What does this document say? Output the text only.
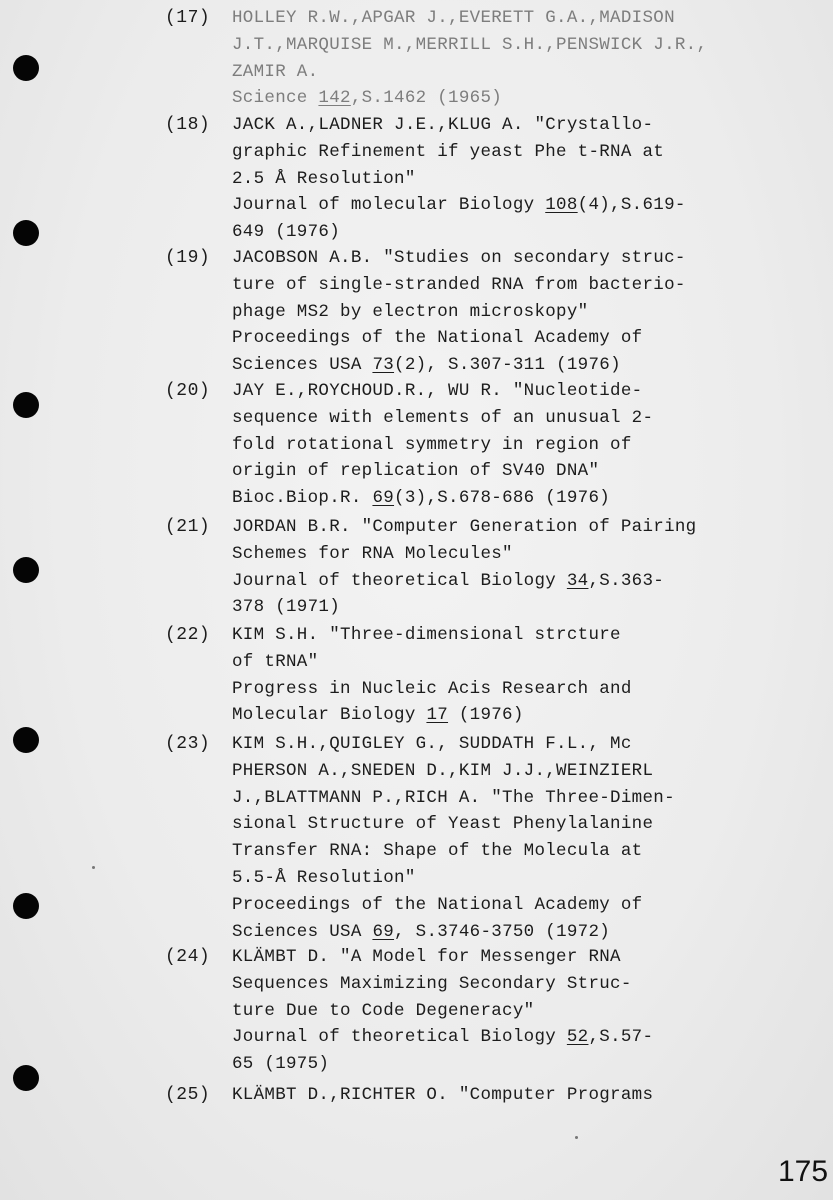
(17)	HOLLEY R.W.,APGAR J.,EVERETT G.A.,MADISON
J.T.,MARQUISE M.,MERRILL S.H.,PENSWICK J.R.,
ZAMIR A.
Science 142,S.1462 (1965)
(18)	JACK A.,LADNER J.E.,KLUG A. "Crystallo-
graphic Refinement if yeast Phe t-RNA at
2.5 Å Resolution"
Journal of molecular Biology 108(4),S.619-
649 (1976)
(19)	JACOBSON A.B. "Studies on secondary struc-
ture of single-stranded RNA from bacterio-
phage MS2 by electron microskopy"
Proceedings of the National Academy of
Sciences USA 73(2), S.307-311 (1976)
(20)	JAY E.,ROYCHOUD.R., WU R. "Nucleotide-
sequence with elements of an unusual 2-
fold rotational symmetry in region of
origin of replication of SV40 DNA"
Bioc.Biop.R. 69(3),S.678-686 (1976)
(21)	JORDAN B.R. "Computer Generation of Pairing
Schemes for RNA Molecules"
Journal of theoretical Biology 34,S.363-
378 (1971)
(22)	KIM S.H. "Three-dimensional strcture
of tRNA"
Progress in Nucleic Acis Research and
Molecular Biology 17 (1976)
(23)	KIM S.H.,QUIGLEY G., SUDDATH F.L., Mc
PHERSON A.,SNEDEN D.,KIM J.J.,WEINZIERL
J.,BLATTMANN P.,RICH A. "The Three-Dimen-
sional Structure of Yeast Phenylalanine
Transfer RNA: Shape of the Molecula at
5.5-Å Resolution"
Proceedings of the National Academy of
Sciences USA 69, S.3746-3750 (1972)
(24)	KLÄMBT D. "A Model for Messenger RNA
Sequences Maximizing Secondary Struc-
ture Due to Code Degeneracy"
Journal of theoretical Biology 52,S.57-
65 (1975)
(25)	KLÄMBT D.,RICHTER O. "Computer Programs
175
